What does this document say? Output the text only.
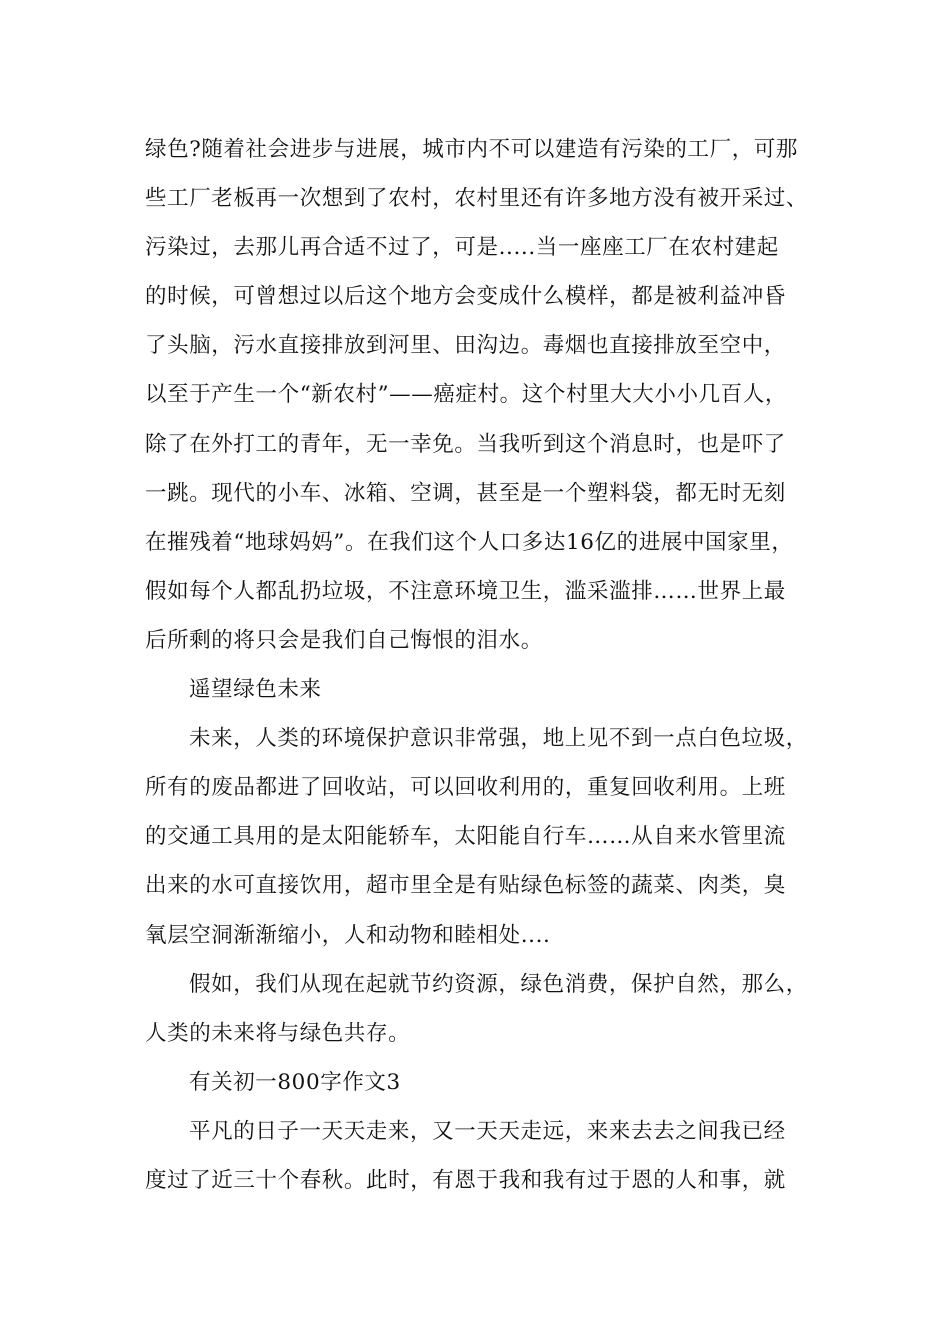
绿色?随着社会进步与进展，城市内不可以建造有污染的工厂，可那
些工厂老板再一次想到了农村，农村里还有许多地方没有被开采过、
污染过，去那儿再合适不过了，可是.....当一座座工厂在农村建起
的时候，可曾想过以后这个地方会变成什么模样，都是被利益冲昏
了头脑，污水直接排放到河里、田沟边。毒烟也直接排放至空中，
以至于产生一个“新农村”——癌症村。这个村里大大小小几百人，
除了在外打工的青年，无一幸免。当我听到这个消息时，也是吓了
一跳。现代的小车、冰箱、空调，甚至是一个塑料袋，都无时无刻
在摧残着“地球妈妈”。在我们这个人口多达16亿的进展中国家里，
假如每个人都乱扔垃圾，不注意环境卫生，滥采滥排……世界上最
后所剩的将只会是我们自己悔恨的泪水。
遥望绿色未来
未来，人类的环境保护意识非常强，地上见不到一点白色垃圾，
所有的废品都进了回收站，可以回收利用的，重复回收利用。上班
的交通工具用的是太阳能轿车，太阳能自行车……从自来水管里流
出来的水可直接饮用，超市里全是有贴绿色标签的蔬菜、肉类，臭
氧层空洞渐渐缩小，人和动物和睦相处....
假如，我们从现在起就节约资源，绿色消费，保护自然，那么，
人类的未来将与绿色共存。
有关初一800字作文3
平凡的日子一天天走来，又一天天走远，来来去去之间我已经
度过了近三十个春秋。此时，有恩于我和我有过于恩的人和事，就
